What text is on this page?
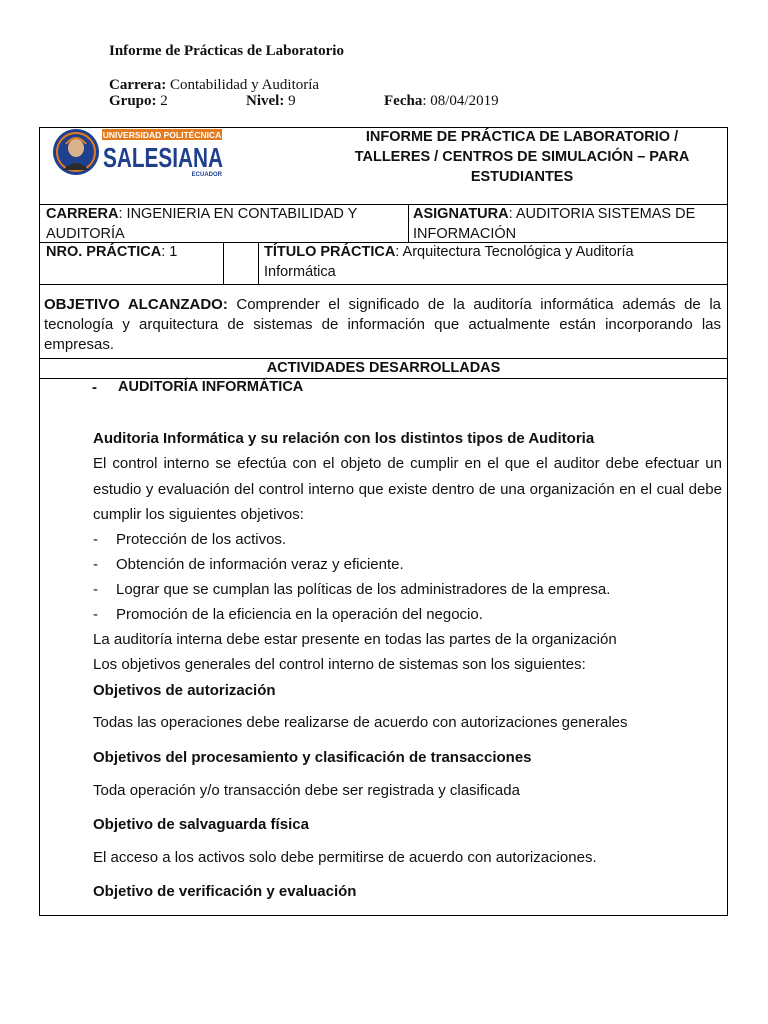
Informe de Prácticas de Laboratorio
Carrera: Contabilidad y Auditoría
Grupo: 2	Nivel: 9	Fecha: 08/04/2019
UNIVERSIDAD POLITÉCNICA
SALESIANA
ECUADOR
INFORME DE PRÁCTICA DE LABORATORIO /
TALLERES / CENTROS DE SIMULACIÓN – PARA
ESTUDIANTES
CARRERA: INGENIERIA EN CONTABILIDAD Y
AUDITORÍA
ASIGNATURA: AUDITORIA SISTEMAS DE
INFORMACIÓN
NRO. PRÁCTICA: 1	TÍTULO PRÁCTICA: Arquitectura Tecnológica y Auditoría
Informática
OBJETIVO ALCANZADO: Comprender el significado de la auditoría informática además de la
tecnología y arquitectura de sistemas de información que actualmente están incorporando las
empresas.
ACTIVIDADES DESARROLLADAS
- AUDITORÍA INFORMÁTICA
Auditoria Informática y su relación con los distintos tipos de Auditoria
El control interno se efectúa con el objeto de cumplir en el que el auditor debe efectuar un
estudio y evaluación del control interno que existe dentro de una organización en el cual debe
cumplir los siguientes objetivos:
- Protección de los activos.
- Obtención de información veraz y eficiente.
- Lograr que se cumplan las políticas de los administradores de la empresa.
- Promoción de la eficiencia en la operación del negocio.
La auditoría interna debe estar presente en todas las partes de la organización
Los objetivos generales del control interno de sistemas son los siguientes:
Objetivos de autorización
Todas las operaciones debe realizarse de acuerdo con autorizaciones generales
Objetivos del procesamiento y clasificación de transacciones
Toda operación y/o transacción debe ser registrada y clasificada
Objetivo de salvaguarda física
El acceso a los activos solo debe permitirse de acuerdo con autorizaciones.
Objetivo de verificación y evaluación
